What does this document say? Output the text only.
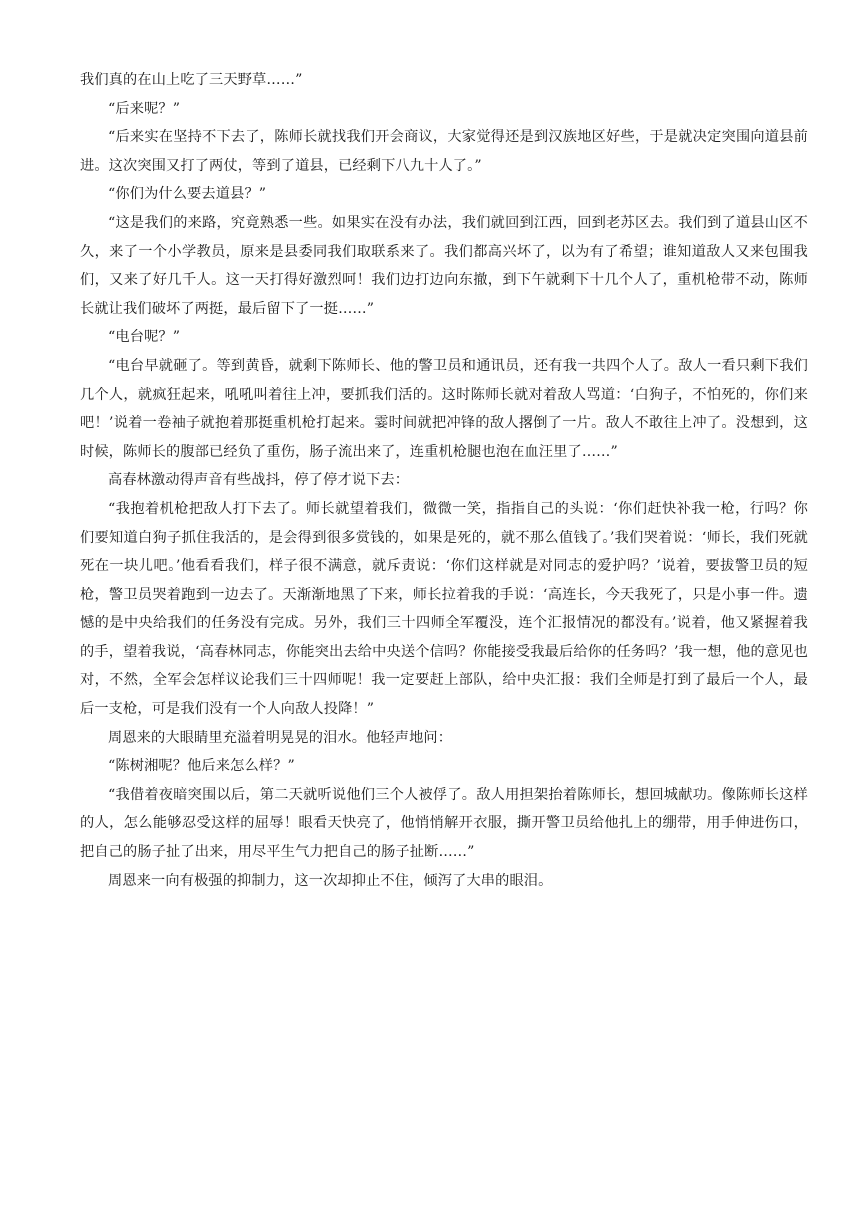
我们真的在山上吃了三天野草……”

“后来呢？”

“后来实在坚持不下去了，陈师长就找我们开会商议，大家觉得还是到汉族地区好些，于是就决定突围向道县前进。这次突围又打了两仗，等到了道县，已经剩下八九十人了。”

“你们为什么要去道县？”

“这是我们的来路，究竟熟悉一些。如果实在没有办法，我们就回到江西，回到老苏区去。我们到了道县山区不久，来了一个小学教员，原来是县委同我们取联系来了。我们都高兴坏了，以为有了希望；谁知道敌人又来包围我们，又来了好几千人。这一天打得好激烈呵！我们边打边向东撤，到下午就剩下十几个人了，重机枪带不动，陈师长就让我们破坏了两挺，最后留下了一挺……”

“电台呢？”

“电台早就砸了。等到黄昏，就剩下陈师长、他的警卫员和通讯员，还有我一共四个人了。敌人一看只剩下我们几个人，就疯狂起来，吼吼叫着往上冲，要抓我们活的。这时陈师长就对着敌人骂道：‘白狗子，不怕死的，你们来吧！’说着一卷袖子就抱着那挺重机枪打起来。霎时间就把冲锋的敌人撂倒了一片。敌人不敢往上冲了。没想到，这时候，陈师长的腹部已经负了重伤，肠子流出来了，连重机枪腿也泡在血汪里了……”

高春林激动得声音有些战抖，停了停才说下去：

“我抱着机枪把敌人打下去了。师长就望着我们，微微一笑，指指自己的头说：‘你们赶快补我一枪，行吗？你们要知道白狗子抓住我活的，是会得到很多赏钱的，如果是死的，就不那么值钱了。’我们哭着说：‘师长，我们死就死在一块儿吧。’他看看我们，样子很不满意，就斥责说：‘你们这样就是对同志的爱护吗？’说着，要拔警卫员的短枪，警卫员哭着跑到一边去了。天渐渐地黑了下来，师长拉着我的手说：‘高连长，今天我死了，只是小事一件。遗憾的是中央给我们的任务没有完成。另外，我们三十四师全军覆没，连个汇报情况的都没有。’说着，他又紧握着我的手，望着我说，‘高春林同志，你能突出去给中央送个信吗？你能接受我最后给你的任务吗？’我一想，他的意见也对，不然，全军会怎样议论我们三十四师呢！我一定要赶上部队，给中央汇报：我们全师是打到了最后一个人，最后一支枪，可是我们没有一个人向敌人投降！”

周恩来的大眼睛里充溢着明晃晃的泪水。他轻声地问：

“陈树湘呢？他后来怎么样？”

“我借着夜暗突围以后，第二天就听说他们三个人被俘了。敌人用担架抬着陈师长，想回城献功。像陈师长这样的人，怎么能够忍受这样的屈辱！眼看天快亮了，他悄悄解开衣服，撕开警卫员给他扎上的绷带，用手伸进伤口，把自己的肠子扯了出来，用尽平生气力把自己的肠子扯断……”

周恩来一向有极强的抑制力，这一次却抑止不住，倾泻了大串的眼泪。
